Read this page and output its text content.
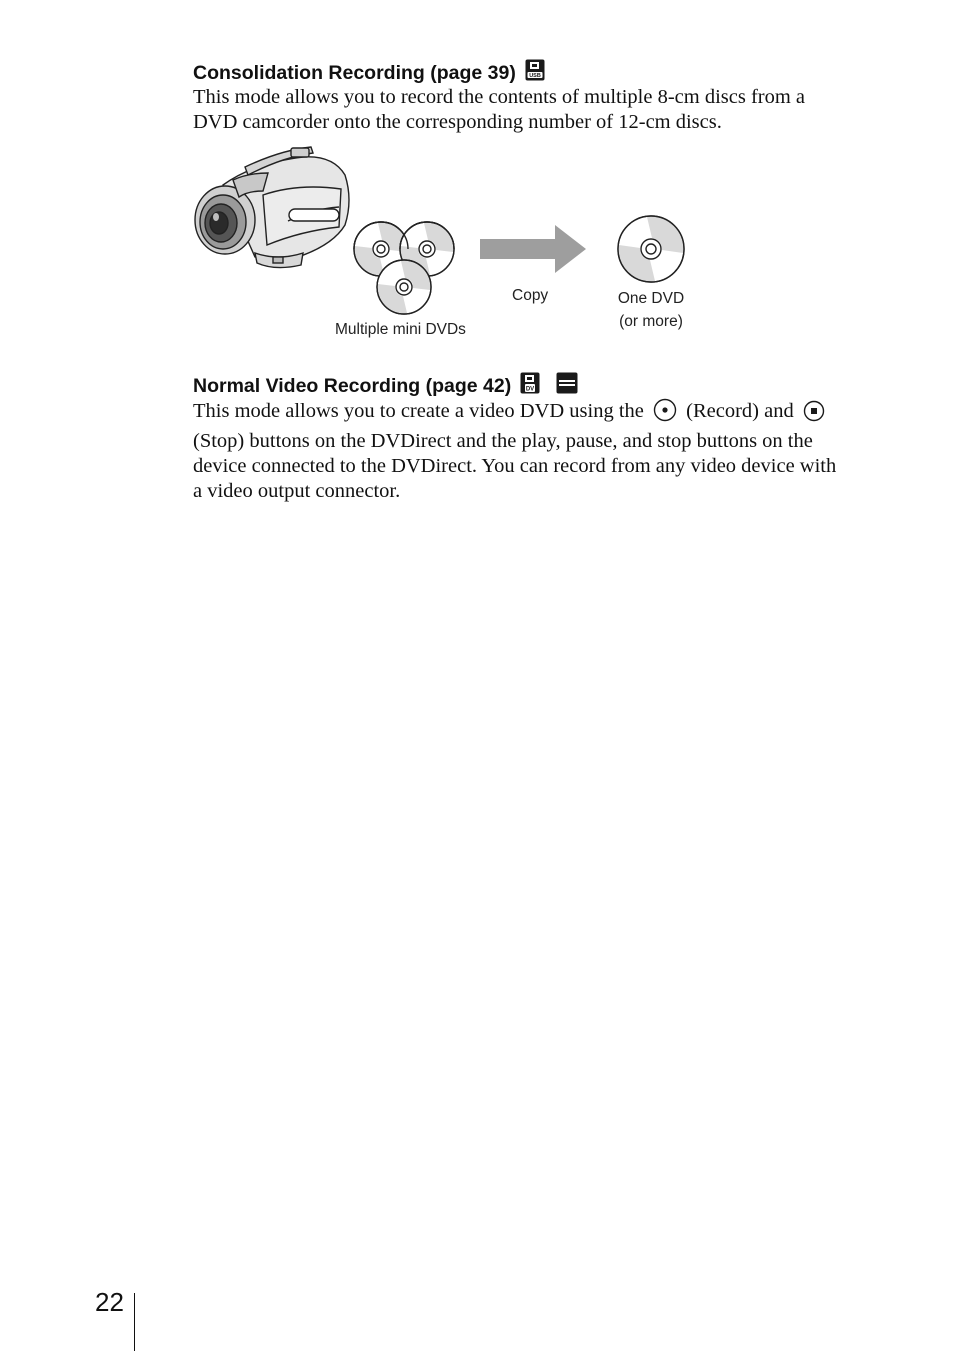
Consolidation Recording (page 39) USB

This mode allows you to record the contents of multiple 8-cm discs from a
DVD camcorder onto the corresponding number of 12-cm discs.

Multiple mini DVDs
Copy	One DVD
(or more)
Normal Video Recording (page 42) DV

This mode allows you to create a video DVD using the (Record) and
(Stop) buttons on the DVDirect and the play, pause, and stop buttons on the
device connected to the DVDirect. You can record from any video device with
a video output connector.

22
